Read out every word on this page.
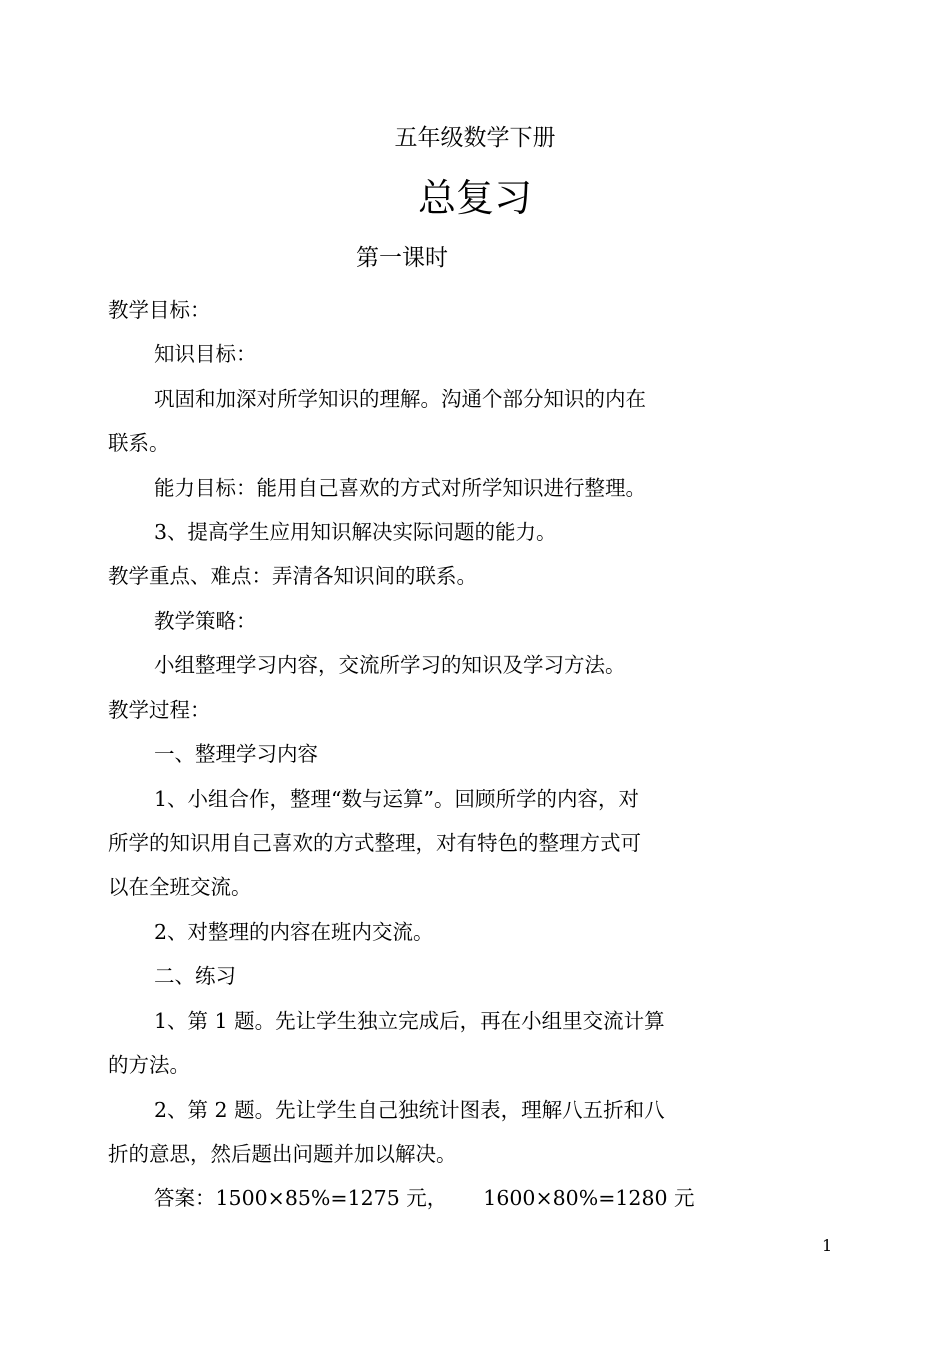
五年级数学下册
总复习
第一课时
教学目标：
知识目标：
巩固和加深对所学知识的理解。沟通个部分知识的内在
联系。
能力目标：能用自己喜欢的方式对所学知识进行整理。
3、提高学生应用知识解决实际问题的能力。
教学重点、难点：弄清各知识间的联系。
教学策略：
小组整理学习内容，交流所学习的知识及学习方法。
教学过程：
一、整理学习内容
1、小组合作，整理“数与运算”。回顾所学的内容，对
所学的知识用自己喜欢的方式整理，对有特色的整理方式可
以在全班交流。
2、对整理的内容在班内交流。
二、练习
1、第 1 题。先让学生独立完成后，再在小组里交流计算
的方法。
2、第 2 题。先让学生自己独统计图表，理解八五折和八
折的意思，然后题出问题并加以解决。
答案：1500×85%=1275 元， 1600×80%=1280 元
1
